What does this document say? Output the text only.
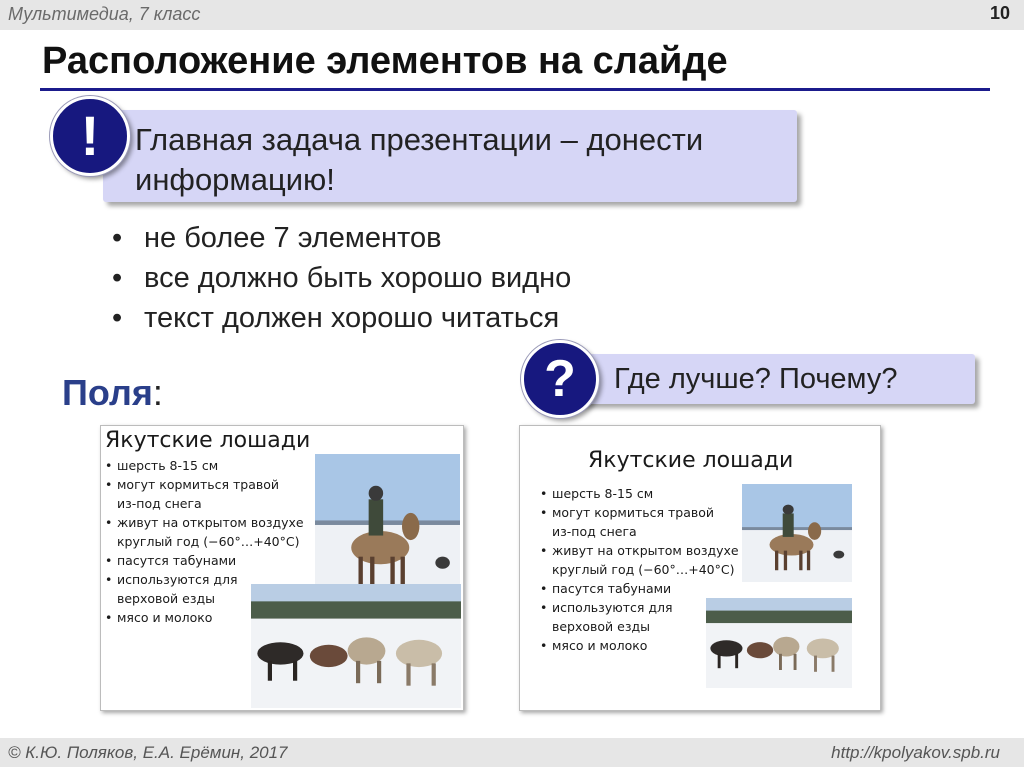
Мультимедиа, 7 класс	10
Расположение элементов на слайде
Главная задача презентации – донести информацию!
!
• не более 7 элементов
• все должно быть хорошо видно
• текст должен хорошо читаться
Поля:	Где лучше? Почему?
?
Якутские лошади
• шерсть 8-15 см
• могут кормиться травой
из-под снега
• живут на открытом воздухе
круглый год (−60°…+40°С)
• пасутся табунами
• используются для
верховой езды
• мясо и молоко
Якутские лошади
• шерсть 8-15 см
• могут кормиться травой
из-под снега
• живут на открытом воздухе
круглый год (−60°…+40°С)
• пасутся табунами
• используются для
верховой езды
• мясо и молоко
© К.Ю. Поляков, Е.А. Ерёмин, 2017	http://kpolyakov.spb.ru
